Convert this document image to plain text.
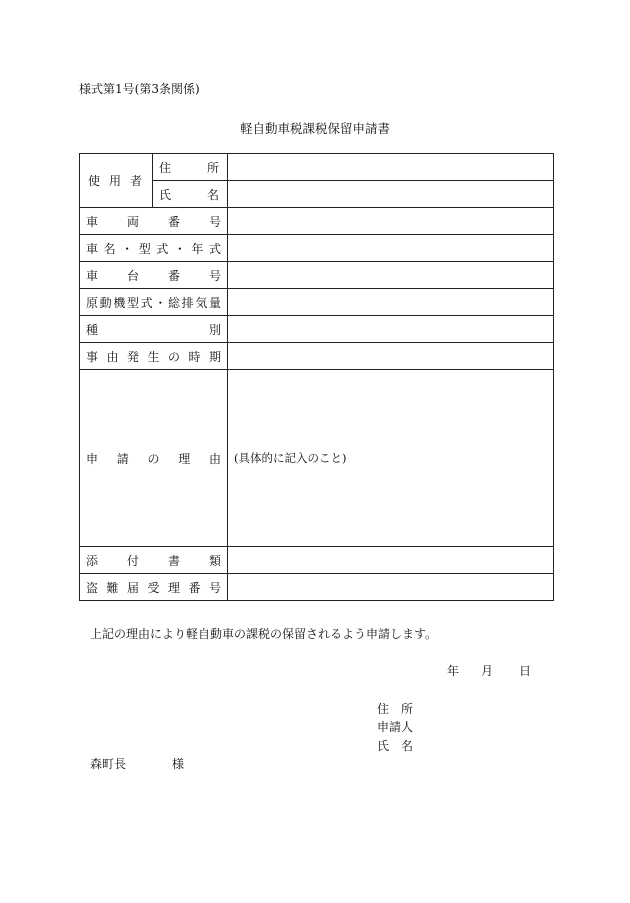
様式第1号(第3条関係)
軽自動車税課税保留申請書
使用者	住所	
	氏名	
車両番号		
車名・型式・年式		
車台番号		
原動機型式・総排気量		
種別		
事由発生の時期		
申請の理由		(具体的に記入のこと)
添付書類		
盗難届受理番号		
上記の理由により軽自動車の課税の保留されるよう申請します。
年 月 日
住所
申請人
氏名
森町長	様
